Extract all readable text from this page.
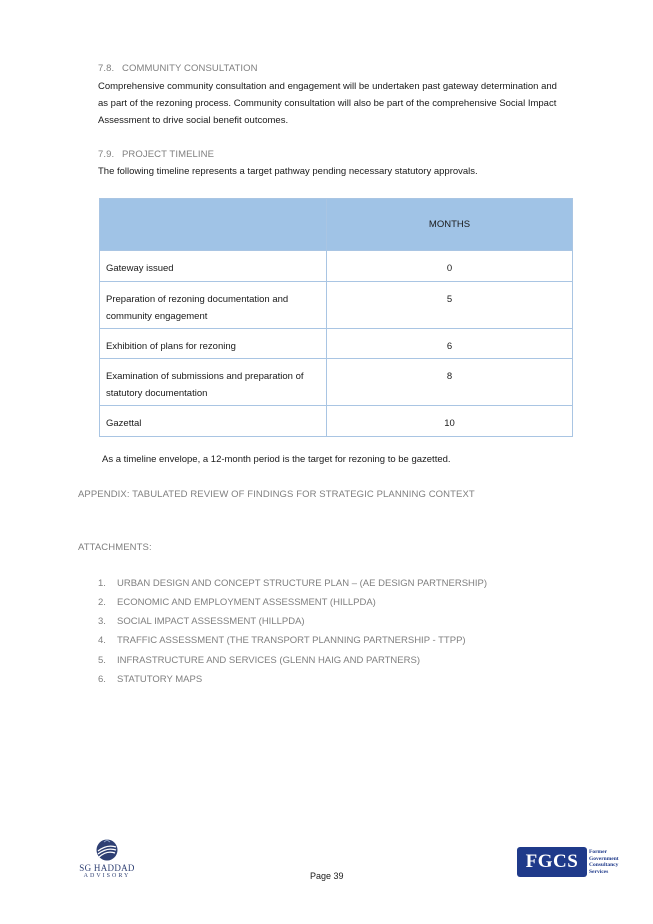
7.8. COMMUNITY CONSULTATION
Comprehensive community consultation and engagement will be undertaken past gateway determination and
as part of the rezoning process. Community consultation will also be part of the comprehensive Social Impact
Assessment to drive social benefit outcomes.
7.9. PROJECT TIMELINE
The following timeline represents a target pathway pending necessary statutory approvals.
	MONTHS

Gateway issued	0

Preparation of rezoning documentation and
community engagement	5

Exhibition of plans for rezoning	6

Examination of submissions and preparation of
statutory documentation	8

Gazettal	10
As a timeline envelope, a 12-month period is the target for rezoning to be gazetted.
APPENDIX: TABULATED REVIEW OF FINDINGS FOR STRATEGIC PLANNING CONTEXT
ATTACHMENTS:
1. URBAN DESIGN AND CONCEPT STRUCTURE PLAN – (AE DESIGN PARTNERSHIP)
2. ECONOMIC AND EMPLOYMENT ASSESSMENT (HILLPDA)
3. SOCIAL IMPACT ASSESSMENT (HILLPDA)
4. TRAFFIC ASSESSMENT (THE TRANSPORT PLANNING PARTNERSHIP - TTPP)
5. INFRASTRUCTURE AND SERVICES (GLENN HAIG AND PARTNERS)
6. STATUTORY MAPS
SG HADDAD
ADVISORY	Page 39
FGCS	Former
Government
Consultancy
Services
